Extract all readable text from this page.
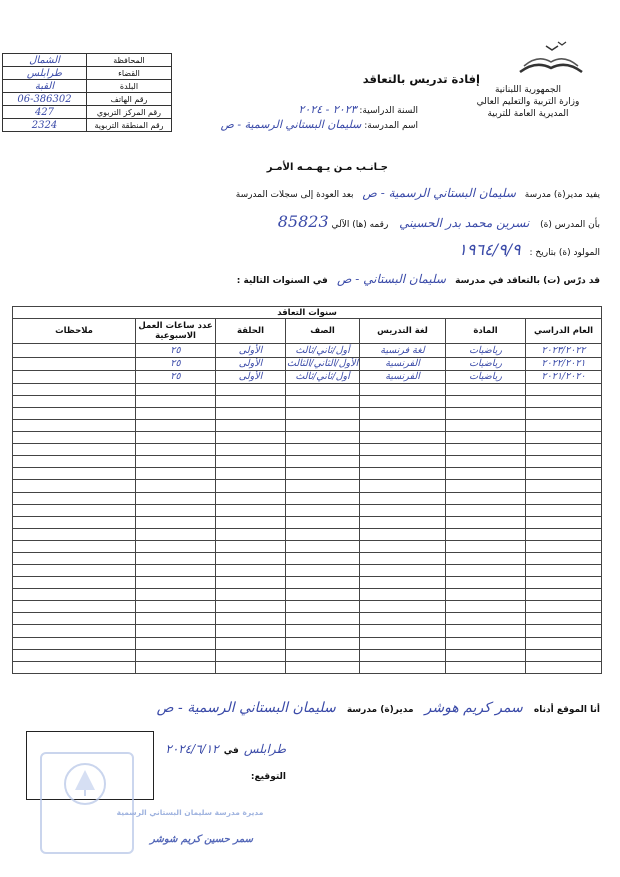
الجمهورية اللبنانية
وزارة التربية والتعليم العالي
المديرية العامة للتربية
إفادة تدريس بالتعاقد
السنة الدراسية: ٢٠٢٣ - ٢٠٢٤
اسم المدرسة: سليمان البستاني الرسمية - ص
الشمال	المحافظة
طرابلس	القضاء
القبة	البلدة
06-386302	رقم الهاتف
427	رقم المركز التربوي
2324	رقم المنطقة التربوية
جـانـب مـن يـهـمـه الأمـر
يفيد مدير(ة) مدرسة سليمان البستاني الرسمية - ص بعد العودة إلى سجلات المدرسة
بأن المدرس (ة) نسرين محمد بدر الحسيني رقمه (ها) الآلي 85823
المولود (ة) بتاريخ : ١٩٦٤/٩/٩
قد درّس (ت) بالتعاقد في مدرسة سليمان البستاني - ص في السنوات التالية :
سنوات التعاقد						
العام الدراسي	المادة	لغة التدريس	الصف	الحلقة	عدد ساعات العمل الاسبوعية	ملاحظات
٢٠٢٣/٢٠٢٢	رياضيات	لغة فرنسية	أول/ثاني/ثالث	الأولى	٢٥	
٢٠٢٢/٢٠٢١	رياضيات	الفرنسية	الأول/الثاني/الثالث	الأولى	٢٥	
٢٠٢١/٢٠٢٠	رياضيات	الفرنسية	أول/ثاني/ثالث	الأولى	٢٥	

أنا الموقع أدناه سمر كريم هوشر مدير(ة) مدرسة سليمان البستاني الرسمية - ص
طرابلس في ٢٠٢٤/٦/١٢
التوقيع:
مديرة مدرسة سليمان البستاني الرسمية
سمر حسين كريم شوشر
